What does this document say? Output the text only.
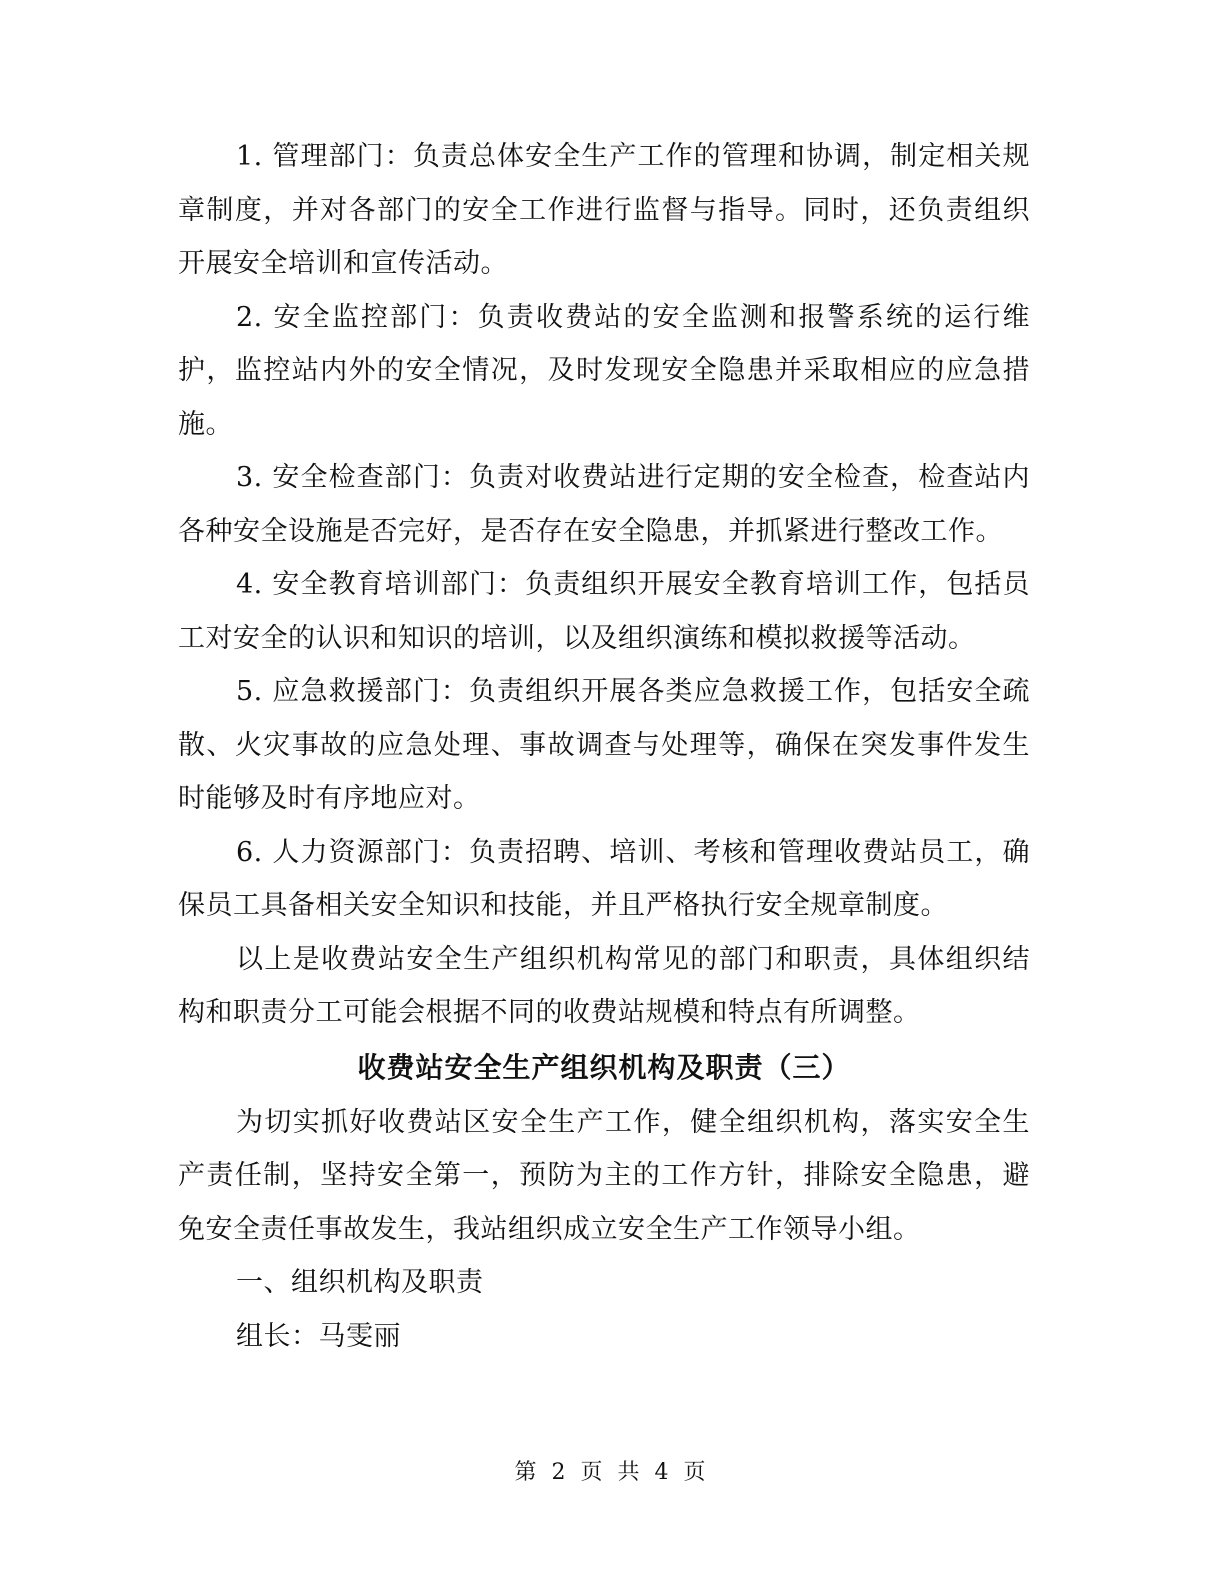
1. 管理部门：负责总体安全生产工作的管理和协调，制定相关规章制度，并对各部门的安全工作进行监督与指导。同时，还负责组织开展安全培训和宣传活动。

2. 安全监控部门：负责收费站的安全监测和报警系统的运行维护，监控站内外的安全情况，及时发现安全隐患并采取相应的应急措施。

3. 安全检查部门：负责对收费站进行定期的安全检查，检查站内各种安全设施是否完好，是否存在安全隐患，并抓紧进行整改工作。

4. 安全教育培训部门：负责组织开展安全教育培训工作，包括员工对安全的认识和知识的培训，以及组织演练和模拟救援等活动。

5. 应急救援部门：负责组织开展各类应急救援工作，包括安全疏散、火灾事故的应急处理、事故调查与处理等，确保在突发事件发生时能够及时有序地应对。

6. 人力资源部门：负责招聘、培训、考核和管理收费站员工，确保员工具备相关安全知识和技能，并且严格执行安全规章制度。

以上是收费站安全生产组织机构常见的部门和职责，具体组织结构和职责分工可能会根据不同的收费站规模和特点有所调整。

收费站安全生产组织机构及职责（三）

为切实抓好收费站区安全生产工作，健全组织机构，落实安全生产责任制，坚持安全第一，预防为主的工作方针，排除安全隐患，避免安全责任事故发生，我站组织成立安全生产工作领导小组。

一、组织机构及职责

组长：马雯丽

第 2 页 共 4 页
